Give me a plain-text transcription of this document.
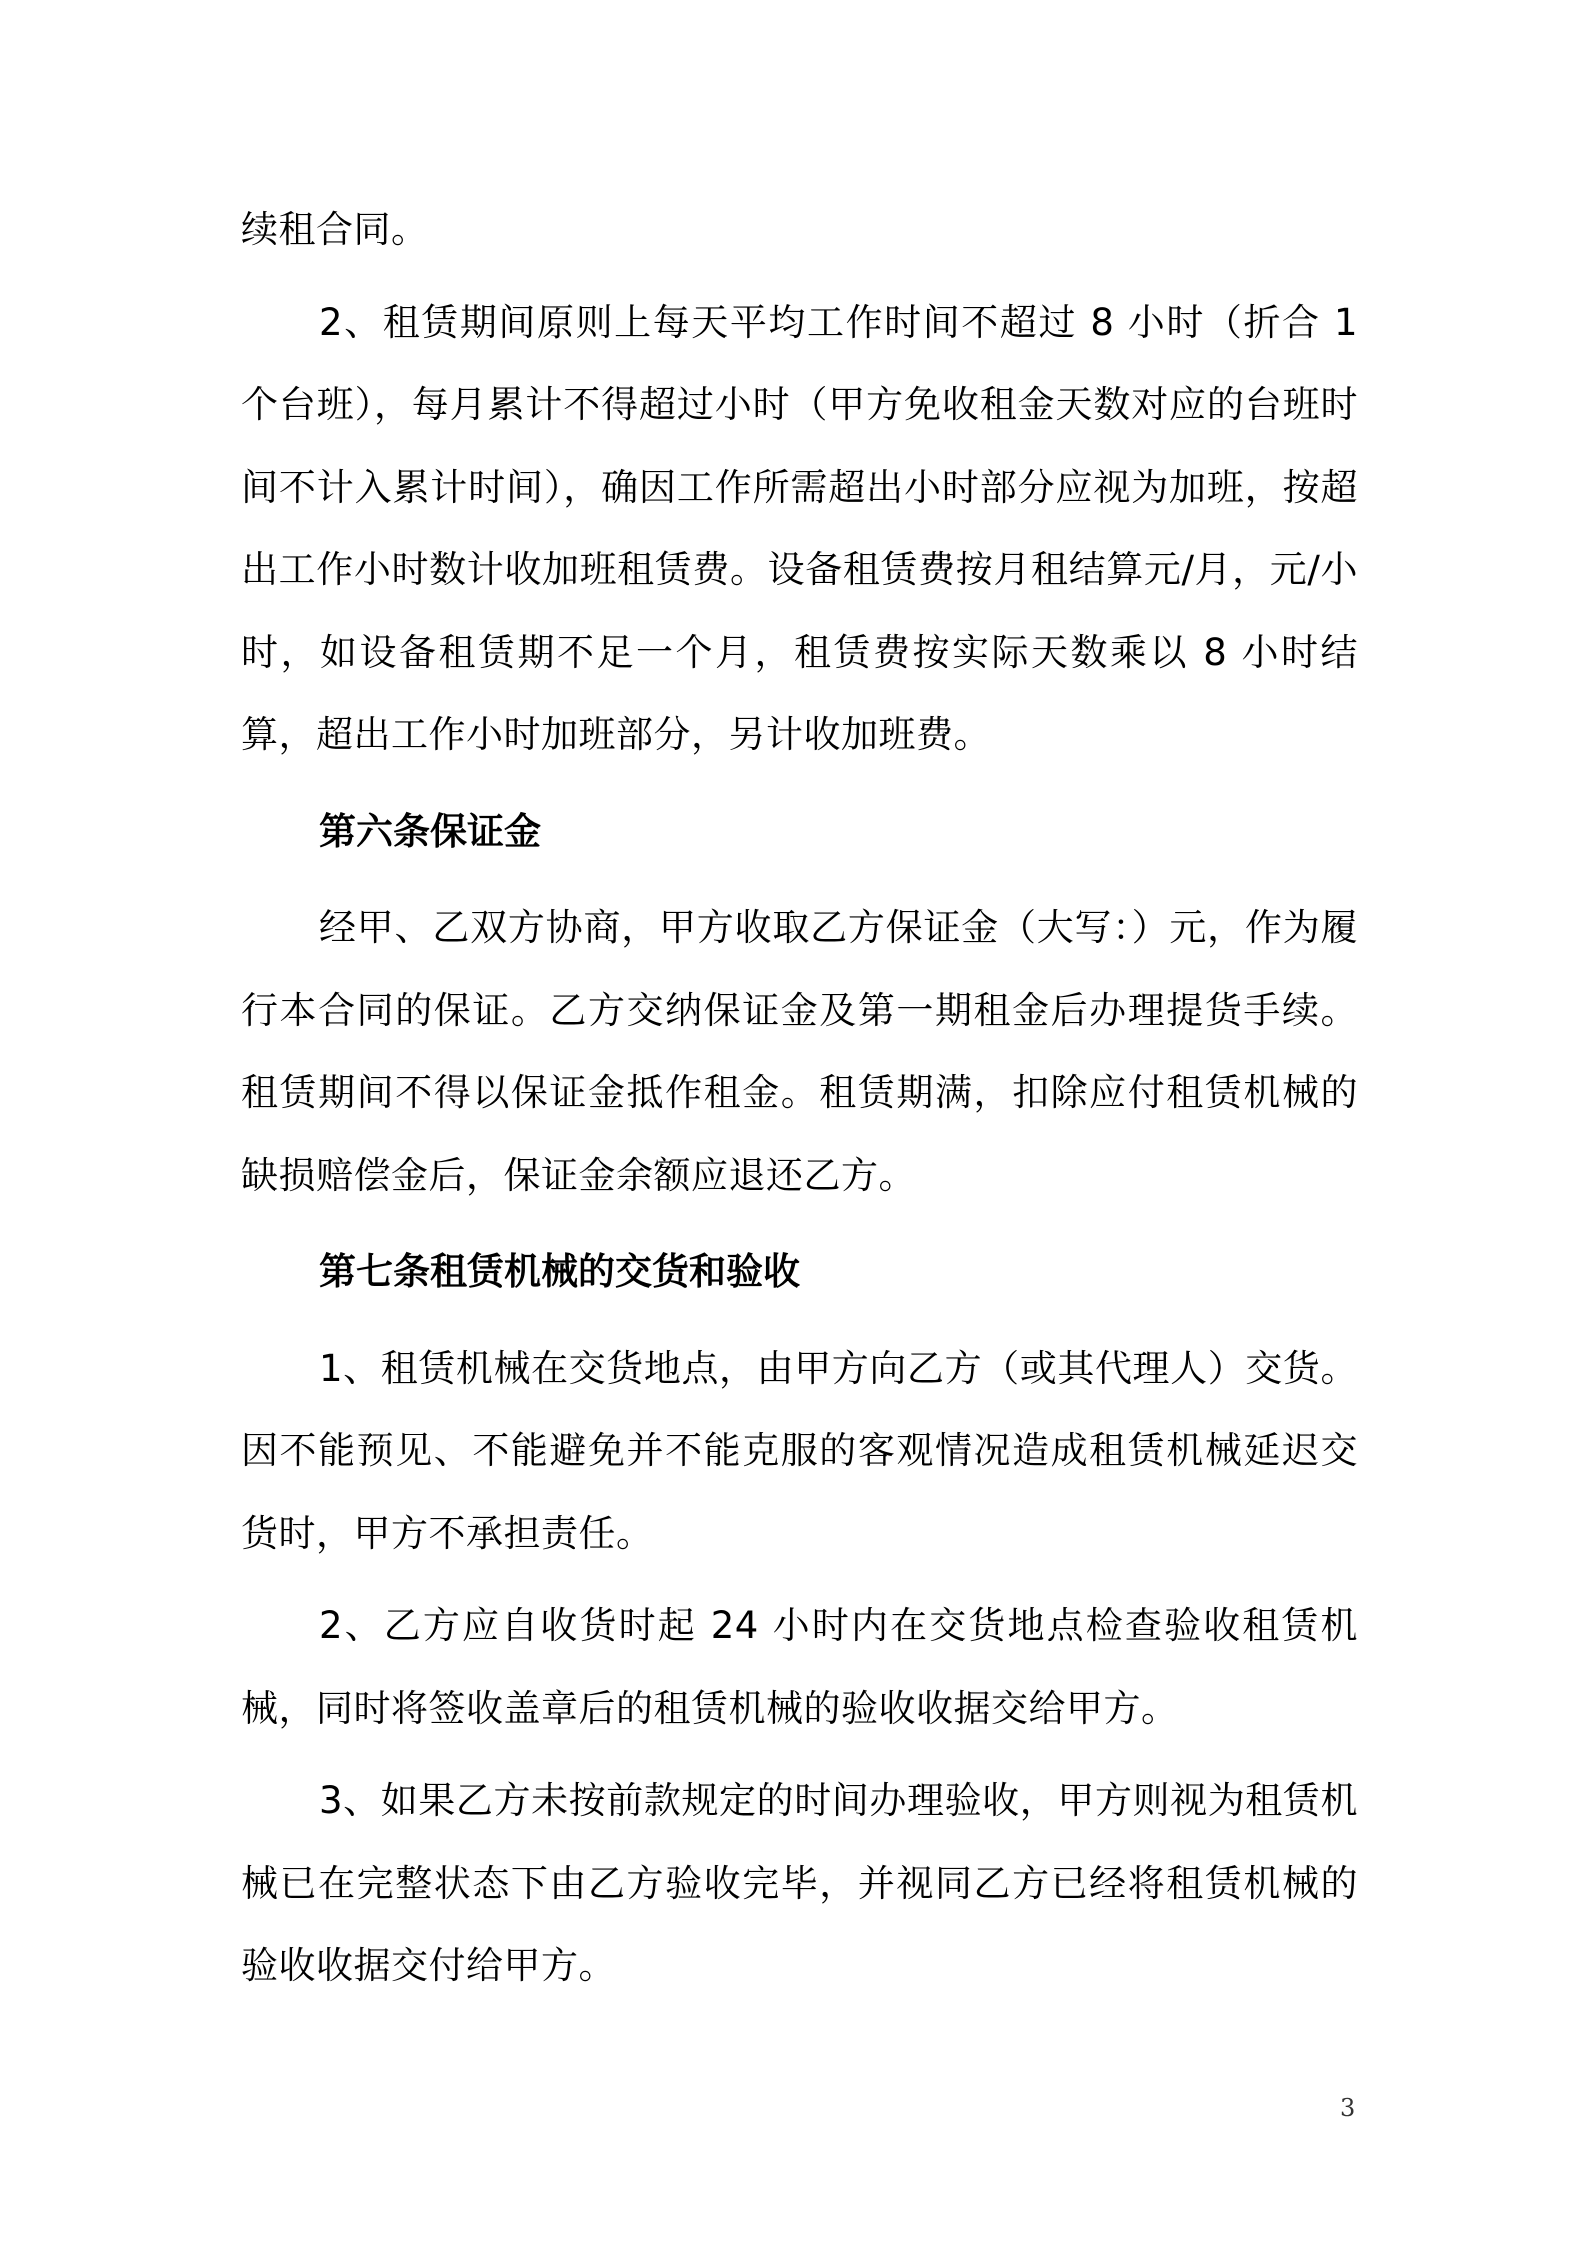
续租合同。

2、租赁期间原则上每天平均工作时间不超过 8 小时（折合 1 个台班），每月累计不得超过小时（甲方免收租金天数对应的台班时间不计入累计时间），确因工作所需超出小时部分应视为加班，按超出工作小时数计收加班租赁费。设备租赁费按月租结算元/月，元/小时，如设备租赁期不足一个月，租赁费按实际天数乘以 8 小时结算，超出工作小时加班部分，另计收加班费。

第六条保证金

经甲、乙双方协商，甲方收取乙方保证金（大写：）元，作为履行本合同的保证。乙方交纳保证金及第一期租金后办理提货手续。租赁期间不得以保证金抵作租金。租赁期满，扣除应付租赁机械的缺损赔偿金后，保证金余额应退还乙方。

第七条租赁机械的交货和验收

1、租赁机械在交货地点，由甲方向乙方（或其代理人）交货。因不能预见、不能避免并不能克服的客观情况造成租赁机械延迟交货时，甲方不承担责任。

2、乙方应自收货时起 24 小时内在交货地点检查验收租赁机械，同时将签收盖章后的租赁机械的验收收据交给甲方。

3、如果乙方未按前款规定的时间办理验收，甲方则视为租赁机械已在完整状态下由乙方验收完毕，并视同乙方已经将租赁机械的验收收据交付给甲方。

3
